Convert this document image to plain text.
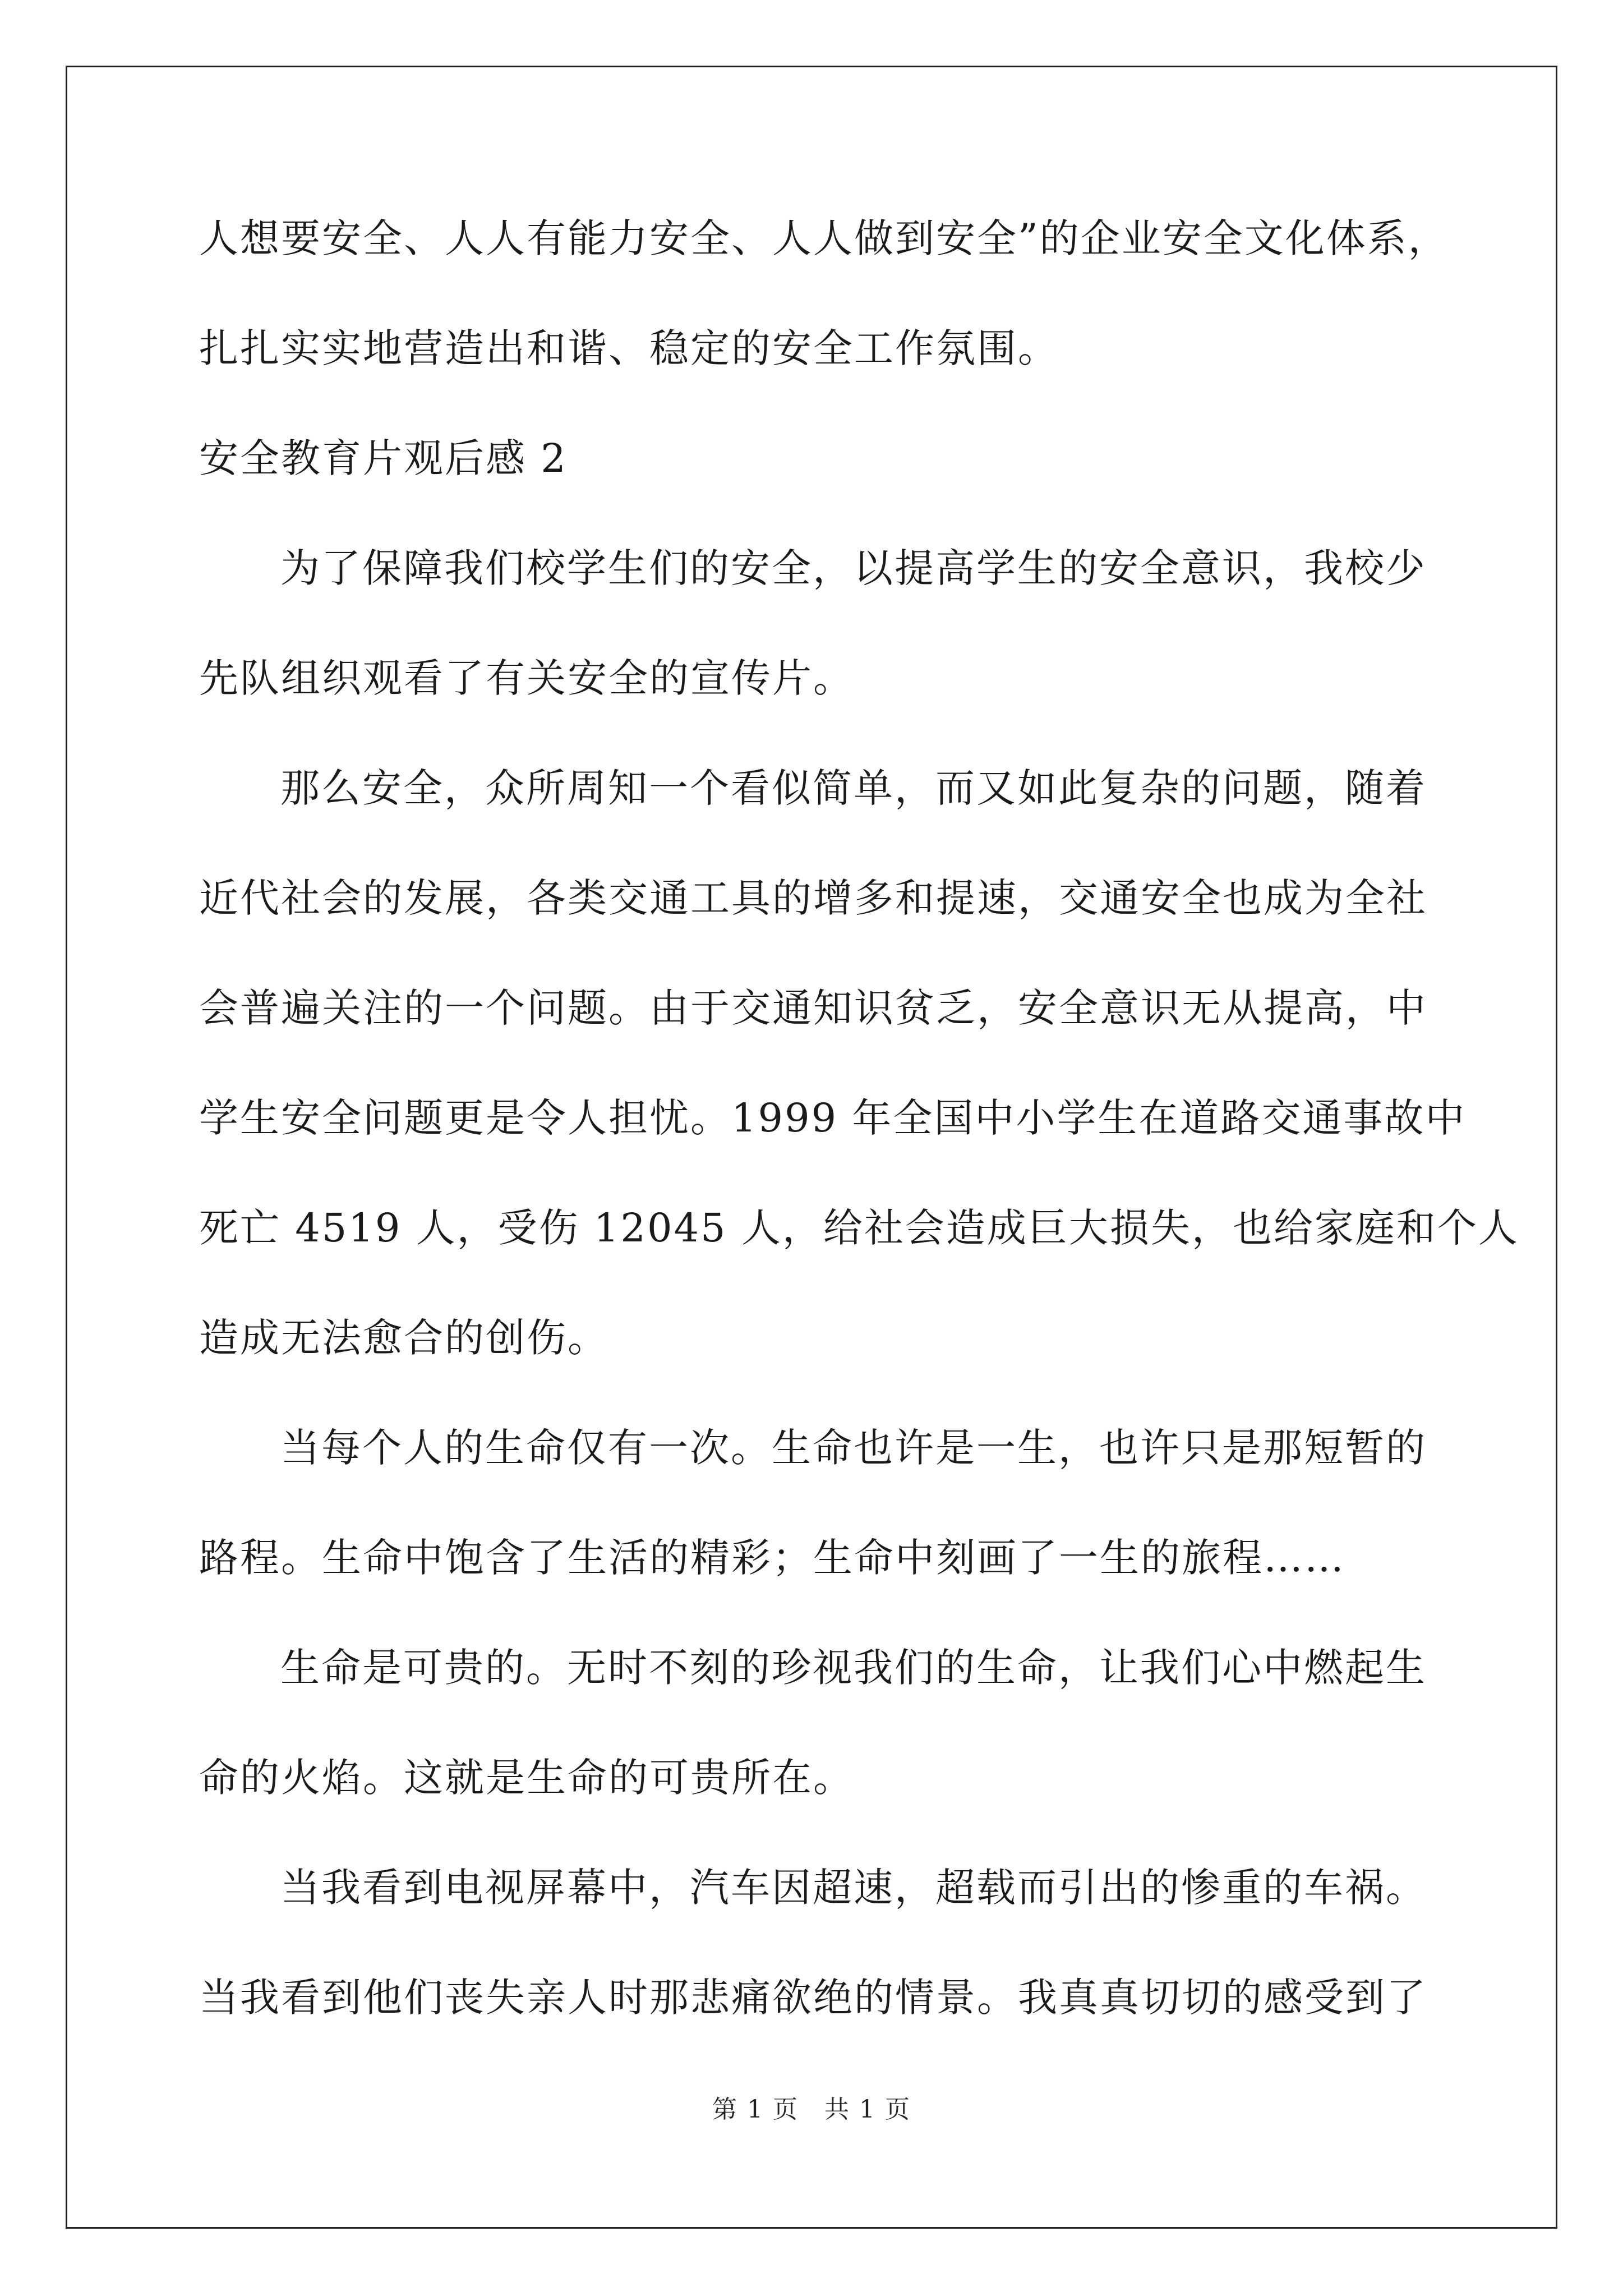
人想要安全、人人有能力安全、人人做到安全”的企业安全文化体系，
扎扎实实地营造出和谐、稳定的安全工作氛围。
安全教育片观后感 2
为了保障我们校学生们的安全，以提高学生的安全意识，我校少
先队组织观看了有关安全的宣传片。
那么安全，众所周知一个看似简单，而又如此复杂的问题，随着
近代社会的发展，各类交通工具的增多和提速，交通安全也成为全社
会普遍关注的一个问题。由于交通知识贫乏，安全意识无从提高，中
学生安全问题更是令人担忧。1999 年全国中小学生在道路交通事故中
死亡 4519 人，受伤 12045 人，给社会造成巨大损失，也给家庭和个人
造成无法愈合的创伤。
当每个人的生命仅有一次。生命也许是一生，也许只是那短暂的
路程。生命中饱含了生活的精彩；生命中刻画了一生的旅程……
生命是可贵的。无时不刻的珍视我们的生命，让我们心中燃起生
命的火焰。这就是生命的可贵所在。
当我看到电视屏幕中，汽车因超速，超载而引出的惨重的车祸。
当我看到他们丧失亲人时那悲痛欲绝的情景。我真真切切的感受到了
第 1 页　共 1 页
